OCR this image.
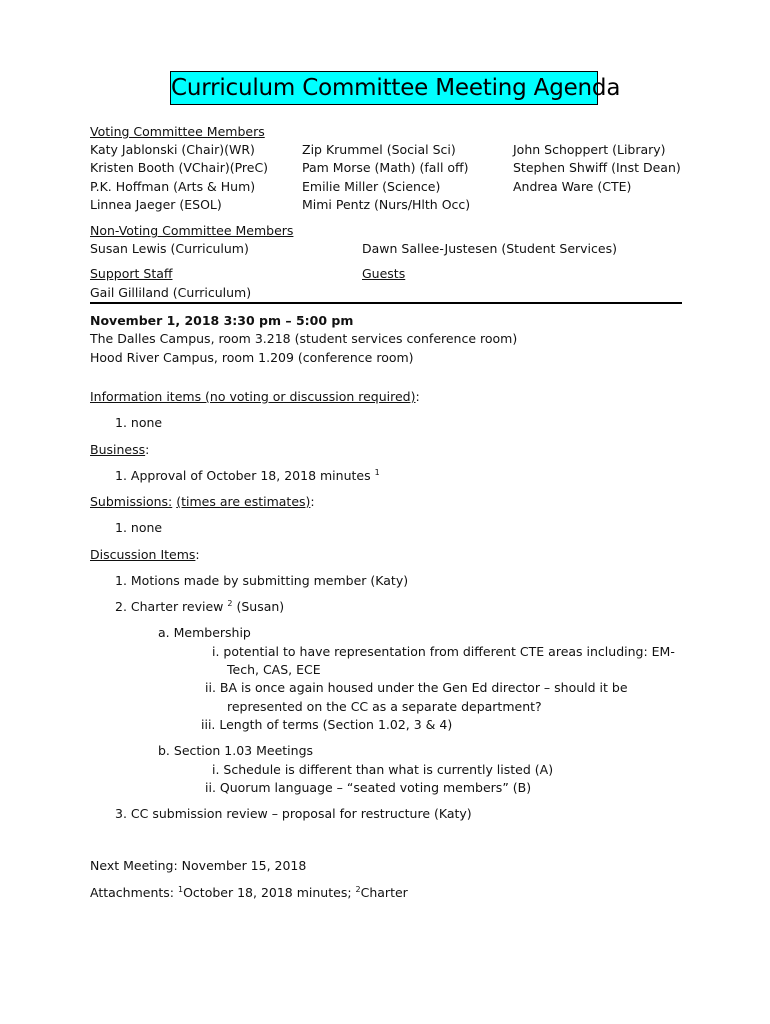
Curriculum Committee Meeting Agenda
Voting Committee Members
Katy Jablonski (Chair)(WR)
Kristen Booth (VChair)(PreC)
P.K. Hoffman (Arts & Hum)
Linnea Jaeger (ESOL)
Zip Krummel (Social Sci)
Pam Morse (Math) (fall off)
Emilie Miller (Science)
Mimi Pentz (Nurs/Hlth Occ)
John Schoppert (Library)
Stephen Shwiff (Inst Dean)
Andrea Ware (CTE)
Non-Voting Committee Members
Susan Lewis (Curriculum)	Dawn Sallee-Justesen (Student Services)
Support Staff	Guests
Gail Gilliland (Curriculum)
November 1, 2018 3:30 pm – 5:00 pm
The Dalles Campus, room 3.218 (student services conference room)
Hood River Campus, room 1.209 (conference room)
Information items (no voting or discussion required):
1. none
Business:
1. Approval of October 18, 2018 minutes $^1$
Submissions: (times are estimates):
1. none
Discussion Items:
1. Motions made by submitting member (Katy)
2. Charter review $^2$ (Susan)
a. Membership
i. potential to have representation from different CTE areas including: EM-
Tech, CAS, ECE
ii. BA is once again housed under the Gen Ed director – should it be
represented on the CC as a separate department?
iii. Length of terms (Section 1.02, 3 & 4)
b. Section 1.03 Meetings
i. Schedule is different than what is currently listed (A)
ii. Quorum language – “seated voting members” (B)
3. CC submission review – proposal for restructure (Katy)
Next Meeting: November 15, 2018
Attachments: $^1$October 18, 2018 minutes; $^2$Charter
